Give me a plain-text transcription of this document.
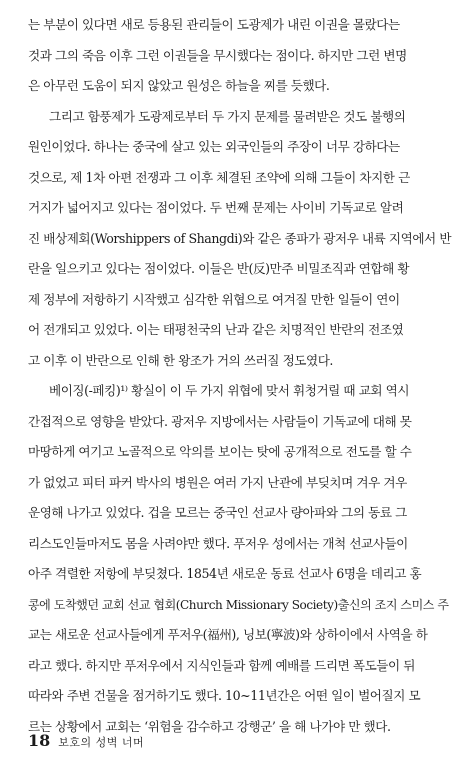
는 부분이 있다면 새로 등용된 관리들이 도광제가 내린 이권을 몰랐다는
것과 그의 죽음 이후 그런 이권들을 무시했다는 점이다. 하지만 그런 변명
은 아무런 도움이 되지 않았고 원성은 하늘을 찌를 듯했다.
그리고 함풍제가 도광제로부터 두 가지 문제를 물려받은 것도 불행의
원인이었다. 하나는 중국에 살고 있는 외국인들의 주장이 너무 강하다는
것으로, 제 1차 아편 전쟁과 그 이후 체결된 조약에 의해 그들이 차지한 근
거지가 넓어지고 있다는 점이었다. 두 번째 문제는 사이비 기독교로 알려
진 배상제회(Worshippers of Shangdi)와 같은 종파가 광저우 내륙 지역에서 반
란을 일으키고 있다는 점이었다. 이들은 반(反)만주 비밀조직과 연합해 황
제 정부에 저항하기 시작했고 심각한 위협으로 여겨질 만한 일들이 연이
어 전개되고 있었다. 이는 태평천국의 난과 같은 치명적인 반란의 전조였
고 이후 이 반란으로 인해 한 왕조가 거의 쓰러질 정도였다.
베이징(-페킹)¹⁾ 황실이 이 두 가지 위협에 맞서 휘청거릴 때 교회 역시
간접적으로 영향을 받았다. 광저우 지방에서는 사람들이 기독교에 대해 못
마땅하게 여기고 노골적으로 악의를 보이는 탓에 공개적으로 전도를 할 수
가 없었고 피터 파커 박사의 병원은 여러 가지 난관에 부딪치며 겨우 겨우
운영해 나가고 있었다. 겁을 모르는 중국인 선교사 량아파와 그의 동료 그
리스도인들마저도 몸을 사려야만 했다. 푸저우 성에서는 개척 선교사들이
아주 격렬한 저항에 부딪쳤다. 1854년 새로운 동료 선교사 6명을 데리고 홍
콩에 도착했던 교회 선교 협회(Church Missionary Society)출신의 조지 스미스 주
교는 새로운 선교사들에게 푸저우(福州), 닝보(寧波)와 상하이에서 사역을 하
라고 했다. 하지만 푸저우에서 지식인들과 함께 예배를 드리면 폭도들이 뒤
따라와 주변 건물을 점거하기도 했다. 10~11년간은 어떤 일이 벌어질지 모
르는 상황에서 교회는 ‘위험을 감수하고 강행군’ 을 해 나가야 만 했다.
18 보호의 성벽 너머
